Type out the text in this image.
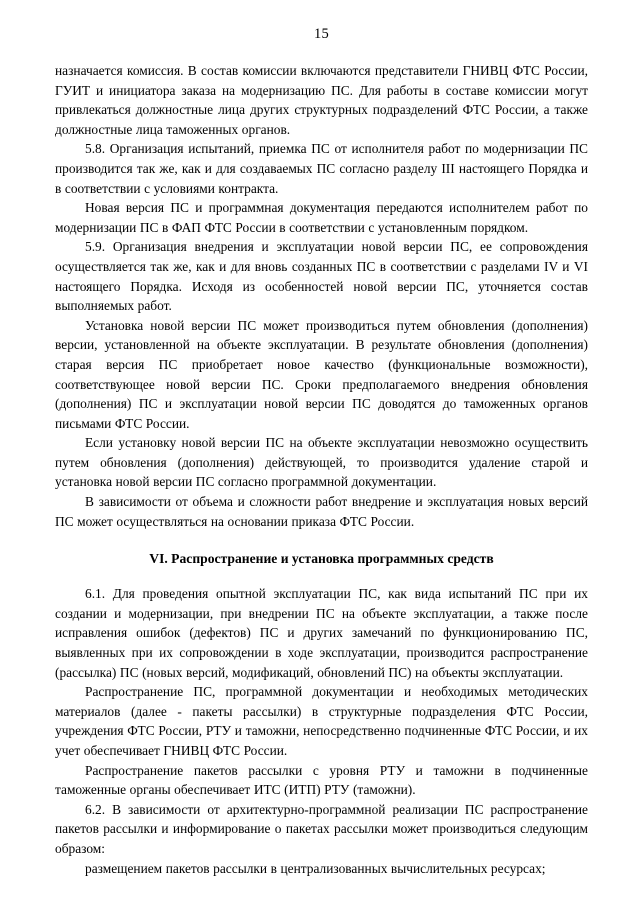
15

назначается комиссия. В состав комиссии включаются представители ГНИВЦ ФТС России, ГУИТ и инициатора заказа на модернизацию ПС. Для работы в составе комиссии могут привлекаться должностные лица других структурных подразделений ФТС России, а также должностные лица таможенных органов.

5.8. Организация испытаний, приемка ПС от исполнителя работ по модернизации ПС производится так же, как и для создаваемых ПС согласно разделу III настоящего Порядка и в соответствии с условиями контракта.

Новая версия ПС и программная документация передаются исполнителем работ по модернизации ПС в ФАП ФТС России в соответствии с установленным порядком.

5.9. Организация внедрения и эксплуатации новой версии ПС, ее сопровождения осуществляется так же, как и для вновь созданных ПС в соответствии с разделами IV и VI настоящего Порядка. Исходя из особенностей новой версии ПС, уточняется состав выполняемых работ.

Установка новой версии ПС может производиться путем обновления (дополнения) версии, установленной на объекте эксплуатации. В результате обновления (дополнения) старая версия ПС приобретает новое качество (функциональные возможности), соответствующее новой версии ПС. Сроки предполагаемого внедрения обновления (дополнения) ПС и эксплуатации новой версии ПС доводятся до таможенных органов письмами ФТС России.

Если установку новой версии ПС на объекте эксплуатации невозможно осуществить путем обновления (дополнения) действующей, то производится удаление старой и установка новой версии ПС согласно программной документации.

В зависимости от объема и сложности работ внедрение и эксплуатация новых версий ПС может осуществляться на основании приказа ФТС России.

VI. Распространение и установка программных средств

6.1. Для проведения опытной эксплуатации ПС, как вида испытаний ПС при их создании и модернизации, при внедрении ПС на объекте эксплуатации, а также после исправления ошибок (дефектов) ПС и других замечаний по функционированию ПС, выявленных при их сопровождении в ходе эксплуатации, производится распространение (рассылка) ПС (новых версий, модификаций, обновлений ПС) на объекты эксплуатации.

Распространение ПС, программной документации и необходимых методических материалов (далее - пакеты рассылки) в структурные подразделения ФТС России, учреждения ФТС России, РТУ и таможни, непосредственно подчиненные ФТС России, и их учет обеспечивает ГНИВЦ ФТС России.

Распространение пакетов рассылки с уровня РТУ и таможни в подчиненные таможенные органы обеспечивает ИТС (ИТП) РТУ (таможни).

6.2. В зависимости от архитектурно-программной реализации ПС распространение пакетов рассылки и информирование о пакетах рассылки может производиться следующим образом:

размещением пакетов рассылки в централизованных вычислительных ресурсах;
